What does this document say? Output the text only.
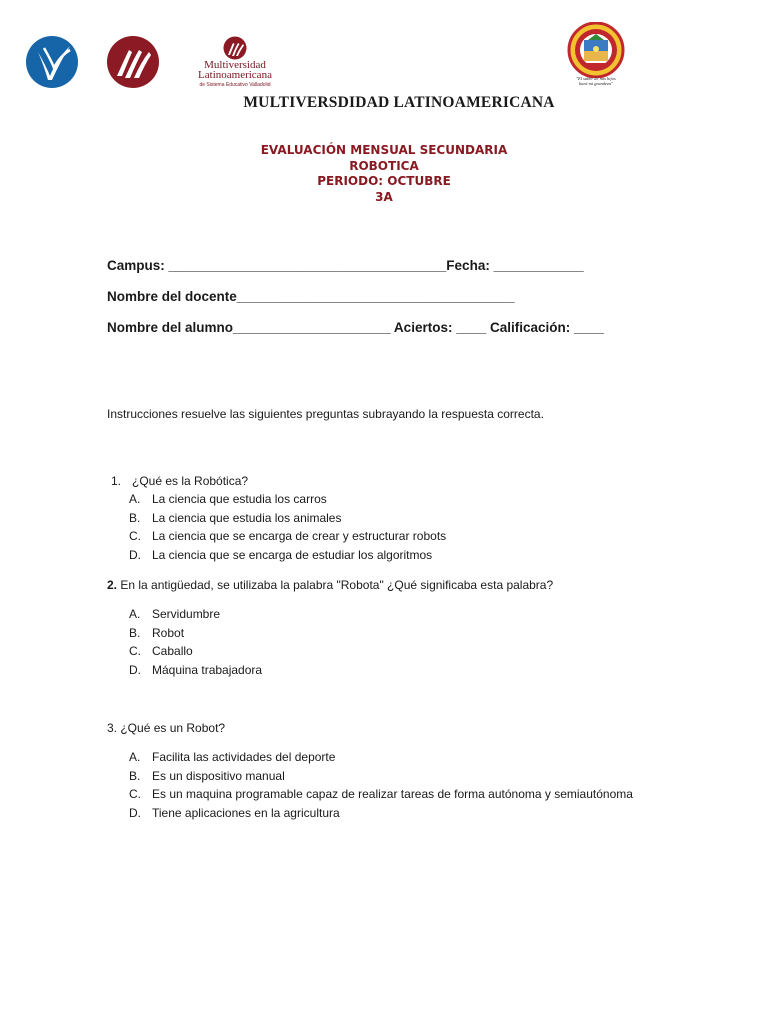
Multiversidad
Latinoamericana
de Sistema Educativo Valladolid
"El saber de mis hijos
hará mi grandeza"
MULTIVERSDIDAD LATINOAMERICANA
EVALUACIÓN MENSUAL SECUNDARIA
ROBOTICA
PERIODO: OCTUBRE
3A
Campus: _____________________________________Fecha: ____________
Nombre del docente_____________________________________
Nombre del alumno_____________________ Aciertos: ____ Calificación: ____
Instrucciones resuelve las siguientes preguntas subrayando la respuesta correcta.
1. ¿Qué es la Robótica?
A. La ciencia que estudia los carros
B. La ciencia que estudia los animales
C. La ciencia que se encarga de crear y estructurar robots
D. La ciencia que se encarga de estudiar los algoritmos
2. En la antigüedad, se utilizaba la palabra "Robota" ¿Qué significaba esta palabra?
A. Servidumbre
B. Robot
C. Caballo
D. Máquina trabajadora
3. ¿Qué es un Robot?
A. Facilita las actividades del deporte
B. Es un dispositivo manual
C. Es un maquina programable capaz de realizar tareas de forma autónoma y semiautónoma
D. Tiene aplicaciones en la agricultura
